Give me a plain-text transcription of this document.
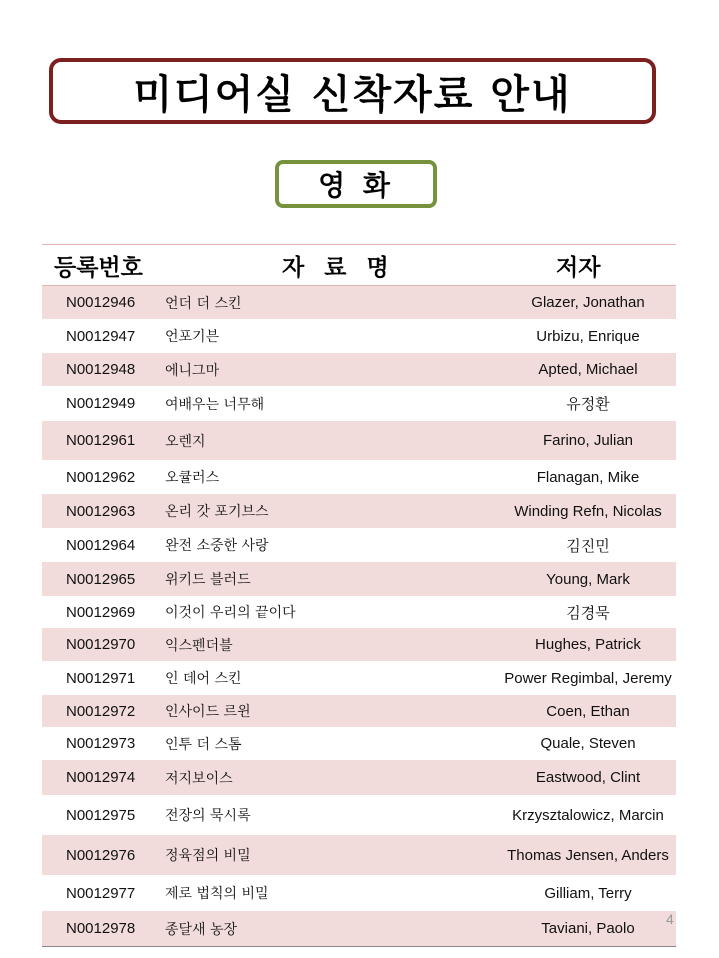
미디어실 신착자료 안내
영 화
등록번호	자 료 명	저자
N0012946 언더 더 스킨	Glazer, Jonathan
N0012947 언포기븐	Urbizu, Enrique
N0012948 에니그마	Apted, Michael
N0012949 여배우는 너무해	유정환
N0012961 오렌지	Farino, Julian
N0012962 오큘러스	Flanagan, Mike
N0012963 온리 갓 포기브스	Winding Refn, Nicolas
N0012964 완전 소중한 사랑	김진민
N0012965 위키드 블러드	Young, Mark
N0012969 이것이 우리의 끝이다	김경묵
N0012970 익스펜더블	Hughes, Patrick
N0012971 인 데어 스킨	Power Regimbal, Jeremy
N0012972 인사이드 르윈	Coen, Ethan
N0012973 인투 더 스톰	Quale, Steven
N0012974 저지보이스	Eastwood, Clint
N0012975 전장의 묵시록	Krzysztalowicz, Marcin
N0012976 정육점의 비밀	Thomas Jensen, Anders
N0012977 제로 법칙의 비밀	Gilliam, Terry
N0012978 종달새 농장	Taviani, Paolo
4
